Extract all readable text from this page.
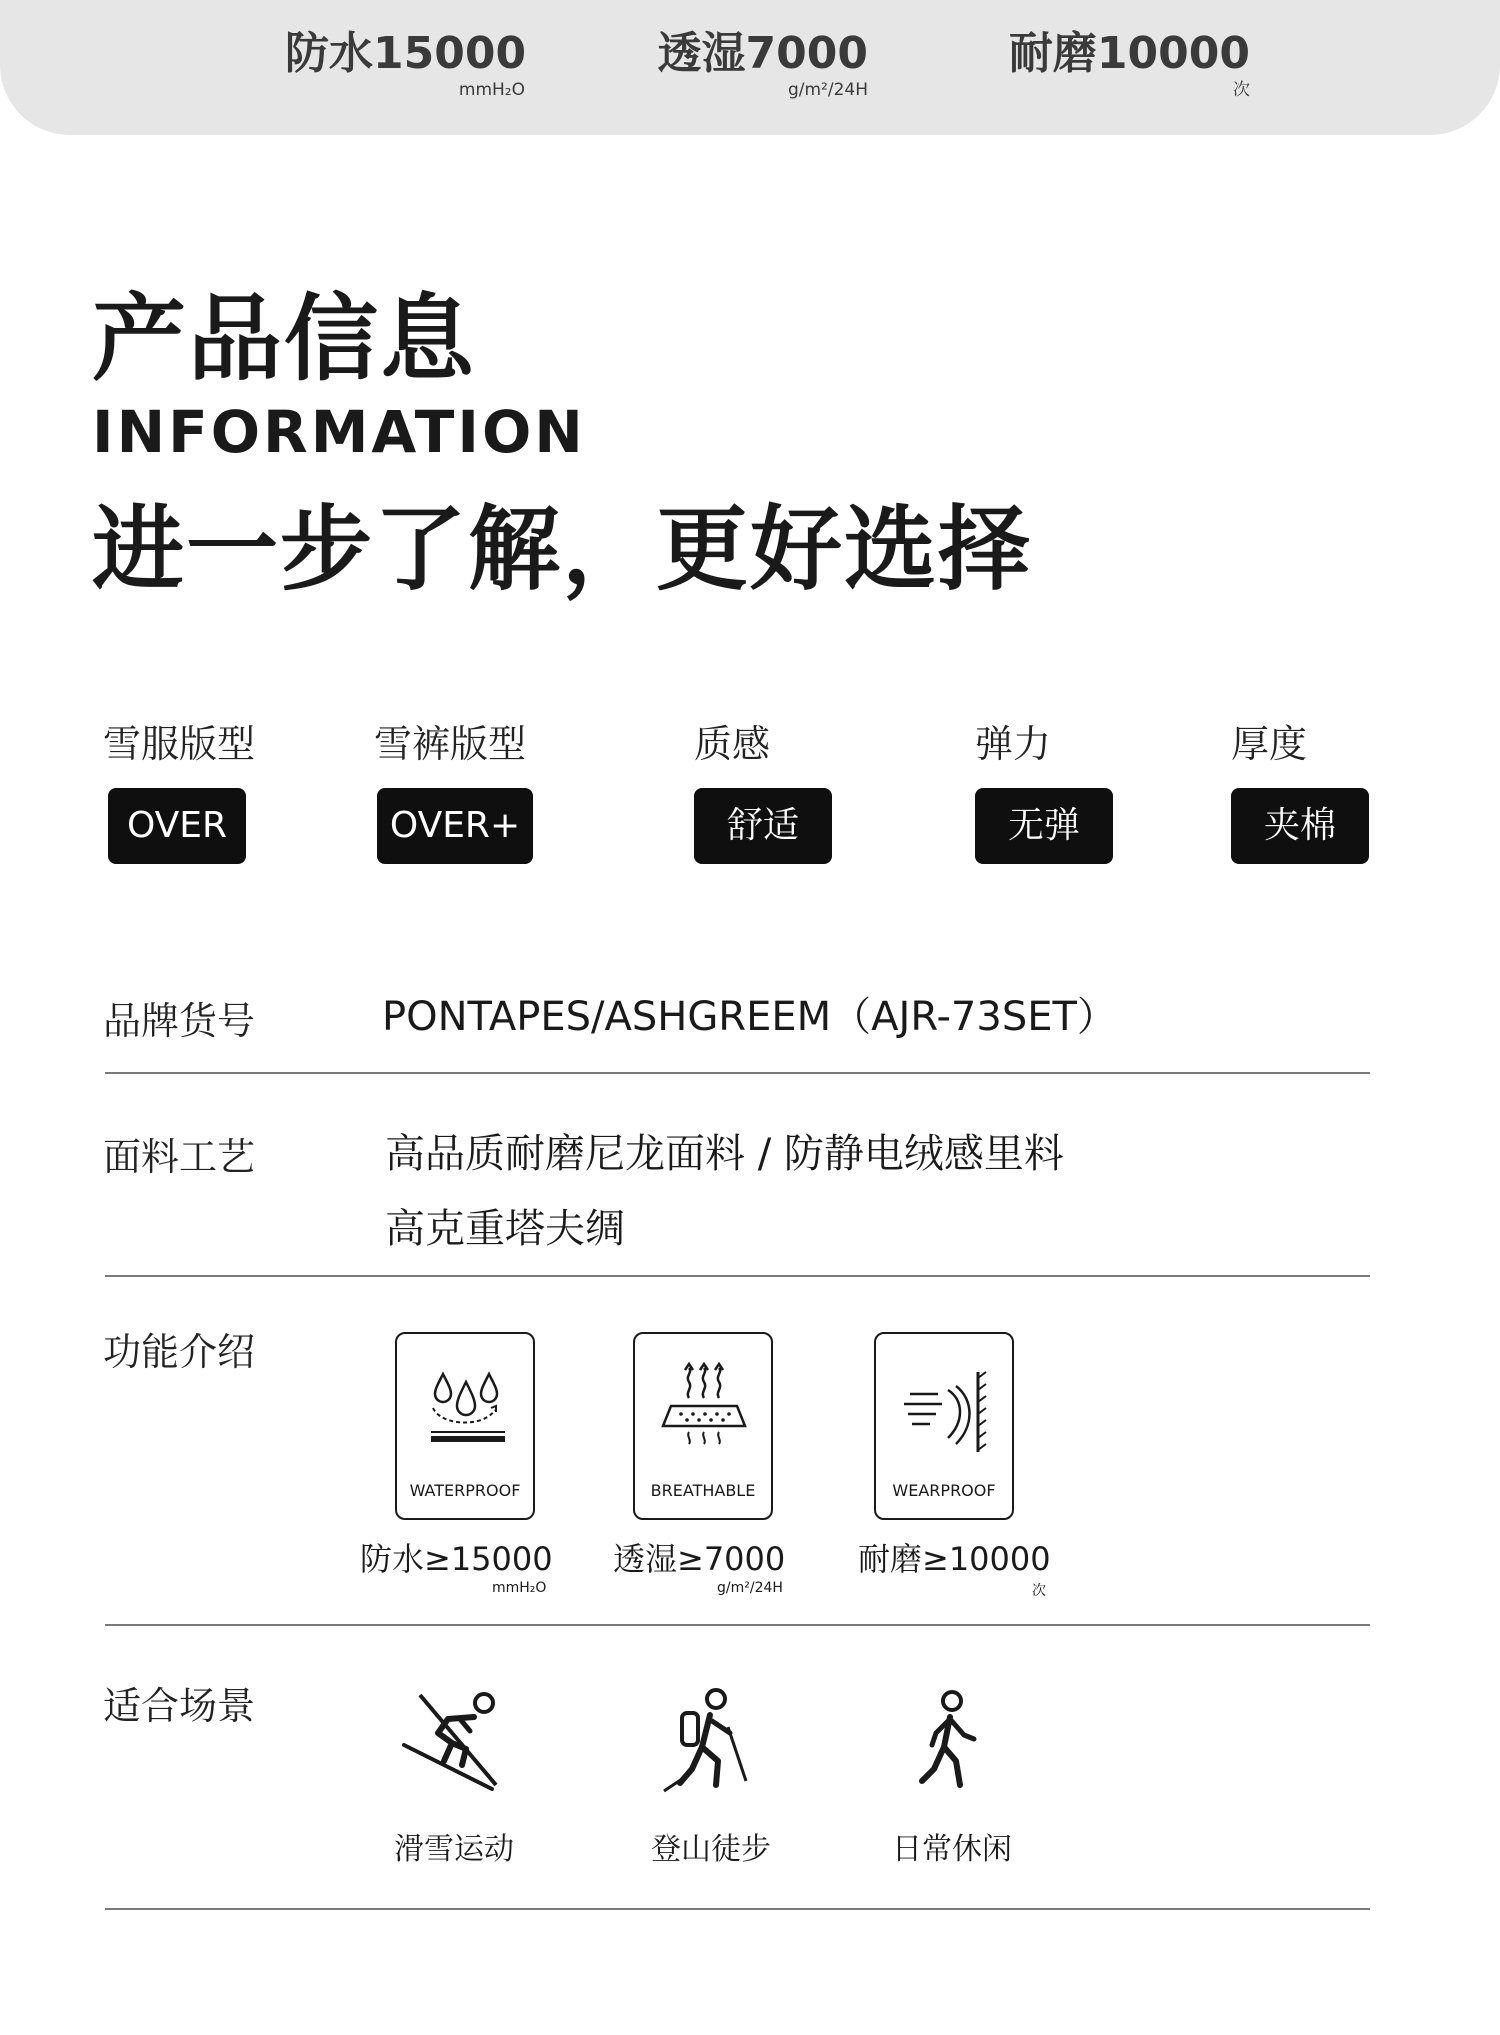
防水15000
mmH₂O
透湿7000
g/m²/24H
耐磨10000
次
产品信息
INFORMATION
进一步了解，更好选择
雪服版型
OVER
雪裤版型
OVER+
质感
舒适
弹力
无弹
厚度
夹棉
品牌货号	PONTAPES/ASHGREEM（AJR-73SET）
面料工艺	高品质耐磨尼龙面料 / 防静电绒感里料
高克重塔夫绸
功能介绍
WATERPROOF
防水≥15000
mmH₂O
BREATHABLE
透湿≥7000
g/m²/24H
WEARPROOF
耐磨≥10000
次
适合场景
滑雪运动	登山徒步	日常休闲
